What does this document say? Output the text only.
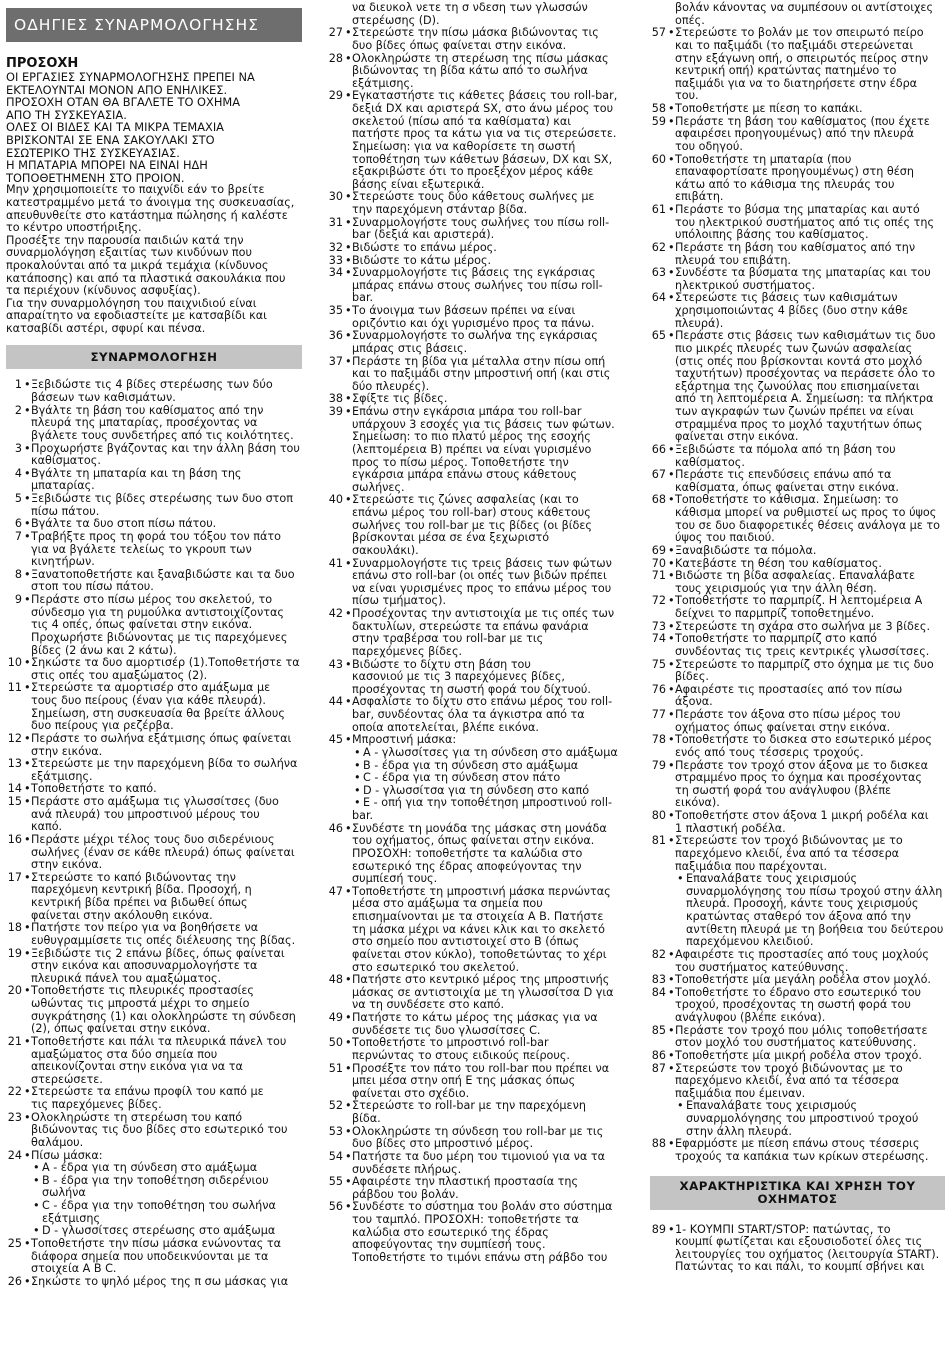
ΟΔΗΓΙΕΣ ΣΥΝΑΡΜΟΛΟΓΗΣΗΣ
ΠΡΟΣΟΧΗ
ΟΙ ΕΡΓΑΣΙΕΣ ΣΥΝΑΡΜΟΛΟΓΗΣΗΣ ΠΡΕΠΕΙ ΝΑ
ΕΚΤΕΛΟΥΝΤΑΙ ΜΟΝΟΝ ΑΠΟ ΕΝΗΛΙΚΕΣ.
ΠΡΟΣΟΧΗ ΟΤΑΝ ΘΑ ΒΓΑΛΕΤΕ ΤΟ ΟΧΗΜΑ
ΑΠΟ ΤΗ ΣΥΣΚΕΥΑΣΙΑ.
ΟΛΕΣ ΟΙ ΒΙΔΕΣ ΚΑΙ ΤΑ ΜΙΚΡΑ ΤΕΜΑΧΙΑ
ΒΡΙΣΚΟΝΤΑΙ ΣΕ ΕΝΑ ΣΑΚΟΥΛΑΚΙ ΣΤΟ
ΕΣΩΤΕΡΙΚΟ ΤΗΣ ΣΥΣΚΕΥΑΣΙΑΣ.
Η ΜΠΑΤΑΡΙΑ ΜΠΟΡΕΙ ΝΑ ΕΙΝΑΙ ΗΔΗ
ΤΟΠΟΘΕΤΗΜΕΝΗ ΣΤΟ ΠΡΟΙΟΝ.
Μην χρησιμοποιείτε το παιχνίδι εάν το βρείτε
κατεστραμμένο μετά το άνοιγμα της συσκευασίας,
απευθυνθείτε στο κατάστημα πώλησης ή καλέστε
το κέντρο υποστήριξης.
Προσέξτε την παρουσία παιδιών κατά την
συναρμολόγηση εξαιτίας των κινδύνων που
προκαλούνται από τα μικρά τεμάχια (κίνδυνος
κατάποσης) και από τα πλαστικά σακουλάκια που
τα περιέχουν (κίνδυνος ασφυξίας).
Για την συναρμολόγηση του παιχνιδιού είναι
απαραίτητο να εφοδιαστείτε με κατσαβίδι και
κατσαβίδι αστέρι, σφυρί και πένσα.
ΣΥΝΑΡΜΟΛΟΓΗΣΗ
1 • Ξεβιδώστε τις 4 βίδες στερέωσης των δύο
βάσεων των καθισμάτων.
2 • Βγάλτε τη βάση του καθίσματος από την
πλευρά της μπαταρίας, προσέχοντας να
βγάλετε τους συνδετήρες από τις κοιλότητες.
3 • Προχωρήστε βγάζοντας και την άλλη βάση του
καθίσματος.
4 • Βγάλτε τη μπαταρία και τη βάση της
μπαταρίας.
5 • Ξεβιδώστε τις βίδες στερέωσης των δυο στοπ
πίσω πάτου.
6 • Βγάλτε τα δυο στοπ πίσω πάτου.
7 • Τραβήξτε προς τη φορά του τόξου τον πάτο
για να βγάλετε τελείως το γκρουπ των
κινητήρων.
8 • Ξανατοποθετήστε και ξαναβιδώστε και τα δυο
στοπ του πίσω πάτου.
9 • Περάστε στο πίσω μέρος του σκελετού, το
σύνδεσμο για τη ρυμούλκα αντιστοιχίζοντας
τις 4 οπές, όπως φαίνεται στην εικόνα.
Προχωρήστε βιδώνοντας με τις παρεχόμενες
βίδες (2 άνω και 2 κάτω).
10 • Σηκώστε τα δυο αμορτισέρ (1).Τοποθετήστε τα
στις οπές του αμαξώματος (2).
11 • Στερεώστε τα αμορτισέρ στο αμάξωμα με
τους δυο πείρους (έναν για κάθε πλευρά).
Σημείωση, στη συσκευασία θα βρείτε άλλους
δυο πείρους για ρεζέρβα.
12 • Περάστε το σωλήνα εξάτμισης όπως φαίνεται
στην εικόνα.
13 • Στερεώστε με την παρεχόμενη βίδα το σωλήνα
εξάτμισης.
14 • Τοποθετήστε το καπό.
15 • Περάστε στο αμάξωμα τις γλωσσίτσες (δυο
ανά πλευρά) του μπροστινού μέρους του
καπό.
16 • Περάστε μέχρι τέλος τους δυο σιδερένιους
σωλήνες (έναν σε κάθε πλευρά) όπως φαίνεται
στην εικόνα.
17 • Στερεώστε το καπό βιδώνοντας την
παρεχόμενη κεντρική βίδα. Προσοχή, η
κεντρική βίδα πρέπει να βιδωθεί όπως
φαίνεται στην ακόλουθη εικόνα.
18 • Πατήστε τον πείρο για να βοηθήσετε να
ευθυγραμμίσετε τις οπές διέλευσης της βίδας.
19 • Ξεβιδώστε τις 2 επάνω βίδες, όπως φαίνεται
στην εικόνα και αποσυναρμολογήστε τα
πλευρικά πάνελ του αμαξώματος.
20 • Τοποθετήστε τις πλευρικές προστασίες
ωθώντας τις μπροστά μέχρι το σημείο
συγκράτησης (1) και ολοκληρώστε τη σύνδεση
(2), όπως φαίνεται στην εικόνα.
21 • Τοποθετήστε και πάλι τα πλευρικά πάνελ του
αμαξώματος στα δύο σημεία που
απεικονίζονται στην εικόνα για να τα
στερεώσετε.
22 • Στερεώστε τα επάνω προφίλ του καπό με
τις παρεχόμενες βίδες.
23 • Ολοκληρώστε τη στερέωση του καπό
βιδώνοντας τις δυο βίδες στο εσωτερικό του
θαλάμου.
24 • Πίσω μάσκα:
• A - έδρα για τη σύνδεση στο αμάξωμα
• B - έδρα για την τοποθέτηση σιδερένιου
σωλήνα
• C - έδρα για την τοποθέτηση του σωλήνα
εξάτμισης
• D - γλωσσίτσες στερέωσης στο αμάξωμα
25 • Τοποθετήστε την πίσω μάσκα ενώνοντας τα
διάφορα σημεία που υποδεικνύονται με τα
στοιχεία A B C.
26 • Σηκώστε το ψηλό μέρος της π σω μάσκας για
να διευκολ νετε τη σ νδεση των γλωσσών
στερέωσης (D).
27 • Στερεώστε την πίσω μάσκα βιδώνοντας τις
δυο βίδες όπως φαίνεται στην εικόνα.
28 • Ολοκληρώστε τη στερέωση της πίσω μάσκας
βιδώνοντας τη βίδα κάτω από το σωλήνα
εξάτμισης.
29 • Εγκαταστήστε τις κάθετες βάσεις του roll-bar,
δεξιά DX και αριστερά SX, στο άνω μέρος του
σκελετού (πίσω από τα καθίσματα) και
πατήστε προς τα κάτω για να τις στερεώσετε.
Σημείωση: για να καθορίσετε τη σωστή
τοποθέτηση των κάθετων βάσεων, DX και SX,
εξακριβώστε ότι το προεξέχον μέρος κάθε
βάσης είναι εξωτερικά.
30 • Στερεώστε τους δύο κάθετους σωλήνες με
την παρεχόμενη στάνταρ βίδα.
31 • Συναρμολογήστε τους σωλήνες του πίσω roll-
bar (δεξιά και αριστερά).
32 • Βιδώστε το επάνω μέρος.
33 • Βιδώστε το κάτω μέρος.
34 • Συναρμολογήστε τις βάσεις της εγκάρσιας
μπάρας επάνω στους σωλήνες του πίσω roll-
bar.
35 • Το άνοιγμα των βάσεων πρέπει να είναι
οριζόντιο και όχι γυρισμένο προς τα πάνω.
36 • Συναρμολογήστε το σωλήνα της εγκάρσιας
μπάρας στις βάσεις.
37 • Περάστε τη βίδα για μέταλλα στην πίσω οπή
και το παξιμάδι στην μπροστινή οπή (και στις
δύο πλευρές).
38 • Σφίξτε τις βίδες.
39 • Επάνω στην εγκάρσια μπάρα του roll-bar
υπάρχουν 3 εσοχές για τις βάσεις των φώτων.
Σημείωση: το πιο πλατύ μέρος της εσοχής
(λεπτομέρεια B) πρέπει να είναι γυρισμένο
προς το πίσω μέρος. Τοποθετήστε την
εγκάρσια μπάρα επάνω στους κάθετους
σωλήνες.
40 • Στερεώστε τις ζώνες ασφαλείας (και το
επάνω μέρος του roll-bar) στους κάθετους
σωλήνες του roll-bar με τις βίδες (οι βίδες
βρίσκονται μέσα σε ένα ξεχωριστό
σακουλάκι).
41 • Συναρμολογήστε τις τρεις βάσεις των φώτων
επάνω στο roll-bar (οι οπές των βιδών πρέπει
να είναι γυρισμένες προς το επάνω μέρος του
πίσω τμήματος).
42 • Προσέχοντας την αντιστοιχία με τις οπές των
δακτυλίων, στερεώστε τα επάνω φανάρια
στην τραβέρσα του roll-bar με τις
παρεχόμενες βίδες.
43 • Βιδώστε το δίχτυ στη βάση του
κασονιού με τις 3 παρεχόμενες βίδες,
προσέχοντας τη σωστή φορά του δίχτυού.
44 • Ασφαλίστε το δίχτυ στο επάνω μέρος του roll-
bar, συνδέοντας όλα τα άγκιστρα από τα
οποία αποτελείται, βλέπε εικόνα.
45 • Μπροστινή μάσκα:
• A - γλωσσίτσες για τη σύνδεση στο αμάξωμα
• B - έδρα για τη σύνδεση στο αμάξωμα
• C - έδρα για τη σύνδεση στον πάτο
• D - γλωσσίτσα για τη σύνδεση στο καπό
• E - οπή για την τοποθέτηση μπροστινού roll-
bar.
46 • Συνδέστε τη μονάδα της μάσκας στη μονάδα
του οχήματος, όπως φαίνεται στην εικόνα.
ΠΡΟΣΟΧΗ: τοποθετήστε τα καλώδια στο
εσωτερικό της έδρας αποφεύγοντας την
συμπίεσή τους.
47 • Τοποθετήστε τη μπροστινή μάσκα περνώντας
μέσα στο αμάξωμα τα σημεία που
επισημαίνονται με τα στοιχεία A B. Πατήστε
τη μάσκα μέχρι να κάνει κλικ και το σκελετό
στο σημείο που αντιστοιχεί στο B (όπως
φαίνεται στον κύκλο), τοποθετώντας το χέρι
στο εσωτερικό του σκελετού.
48 • Πατήστε στο κεντρικό μέρος της μπροστινής
μάσκας σε αντιστοιχία με τη γλωσσίτσα D για
να τη συνδέσετε στο καπό.
49 • Πατήστε το κάτω μέρος της μάσκας για να
συνδέσετε τις δυο γλωσσίτσες C.
50 • Τοποθετήστε το μπροστινό roll-bar
περνώντας το στους ειδικούς πείρους.
51 • Προσέξτε τον πάτο του roll-bar που πρέπει να
μπει μέσα στην οπή E της μάσκας όπως
φαίνεται στο σχέδιο.
52 • Στερεώστε το roll-bar με την παρεχόμενη
βίδα.
53 • Ολοκληρώστε τη σύνδεση του roll-bar με τις
δυο βίδες στο μπροστινό μέρος.
54 • Πατήστε τα δυο μέρη του τιμονιού για να τα
συνδέσετε πλήρως.
55 • Αφαιρέστε την πλαστική προστασία της
ράβδου του βολάν.
56 • Συνδέστε το σύστημα του βολάν στο σύστημα
του ταμπλό. ΠΡΟΣΟΧΗ: τοποθετήστε τα
καλώδια στο εσωτερικό της έδρας
αποφεύγοντας την συμπίεσή τους.
Τοποθετήστε το τιμόνι επάνω στη ράβδο του
βολάν κάνοντας να συμπέσουν οι αντίστοιχες
οπές.
57 • Στερεώστε το βολάν με τον σπειρωτό πείρο
και το παξιμάδι (το παξιμάδι στερεώνεται
στην εξάγωνη οπή, ο σπειρωτός πείρος στην
κεντρική οπή) κρατώντας πατημένο το
παξιμάδι για να το διατηρήσετε στην έδρα
του.
58 • Τοποθετήστε με πίεση το καπάκι.
59 • Περάστε τη βάση του καθίσματος (που έχετε
αφαιρέσει προηγουμένως) από την πλευρά
του οδηγού.
60 • Τοποθετήστε τη μπαταρία (που
επαναφορτίσατε προηγουμένως) στη θέση
κάτω από το κάθισμα της πλευράς του
επιβάτη.
61 • Περάστε το βύσμα της μπαταρίας και αυτό
του ηλεκτρικού συστήματος από τις οπές της
υπόλοιπης βάσης του καθίσματος.
62 • Περάστε τη βάση του καθίσματος από την
πλευρά του επιβάτη.
63 • Συνδέστε τα βύσματα της μπαταρίας και του
ηλεκτρικού συστήματος.
64 • Στερεώστε τις βάσεις των καθισμάτων
χρησιμοποιώντας 4 βίδες (δυο στην κάθε
πλευρά).
65 • Περάστε στις βάσεις των καθισμάτων τις δυο
πιο μικρές πλευρές των ζωνών ασφαλείας
(στις οπές που βρίσκονται κοντά στο μοχλό
ταχυτήτων) προσέχοντας να περάσετε όλο το
εξάρτημα της ζωνούλας που επισημαίνεται
από τη λεπτομέρεια A. Σημείωση: τα πλήκτρα
των αγκραφών των ζωνών πρέπει να είναι
στραμμένα προς το μοχλό ταχυτήτων όπως
φαίνεται στην εικόνα.
66 • Ξεβιδώστε τα πόμολα από τη βάση του
καθίσματος.
67 • Περάστε τις επενδύσεις επάνω από τα
καθίσματα, όπως φαίνεται στην εικόνα.
68 • Τοποθετήστε το κάθισμα. Σημείωση: το
κάθισμα μπορεί να ρυθμιστεί ως προς το ύψος
του σε δυο διαφορετικές θέσεις ανάλογα με το
ύψος του παιδιού.
69 • Ξαναβιδώστε τα πόμολα.
70 • Κατεβάστε τη θέση του καθίσματος.
71 • Βιδώστε τη βίδα ασφαλείας. Επαναλάβατε
τους χειρισμούς για την άλλη θέση.
72 • Τοποθετήστε το παρμπρίζ. Η λεπτομέρεια A
δείχνει το παρμπρίζ τοποθετημένο.
73 • Στερεώστε τη σχάρα στο σωλήνα με 3 βίδες.
74 • Τοποθετήστε το παρμπρίζ στο καπό
συνδέοντας τις τρεις κεντρικές γλωσσίτσες.
75 • Στερεώστε το παρμπρίζ στο όχημα με τις δυο
βίδες.
76 • Αφαιρέστε τις προστασίες από τον πίσω
άξονα.
77 • Περάστε τον άξονα στο πίσω μέρος του
οχήματος όπως φαίνεται στην εικόνα.
78 • Τοποθετήστε το δισκεα στο εσωτερικό μέρος
ενός από τους τέσσερις τροχούς.
79 • Περάστε τον τροχό στον άξονα με το δισκεα
στραμμένο προς το όχημα και προσέχοντας
τη σωστή φορά του ανάγλυφου (βλέπε
εικόνα).
80 • Τοποθετήστε στον άξονα 1 μικρή ροδέλα και
1 πλαστική ροδέλα.
81 • Στερεώστε τον τροχό βιδώνοντας με το
παρεχόμενο κλειδί, ένα από τα τέσσερα
παξιμάδια που παρέχονται.
• Επαναλάβατε τους χειρισμούς
συναρμολόγησης του πίσω τροχού στην άλλη
πλευρά. Προσοχή, κάντε τους χειρισμούς
κρατώντας σταθερό τον άξονα από την
αντίθετη πλευρά με τη βοήθεια του δεύτερου
παρεχόμενου κλειδιού.
82 • Αφαιρέστε τις προστασίες από τους μοχλούς
του συστήματος κατεύθυνσης.
83 • Τοποθετήστε μία μεγάλη ροδέλα στον μοχλό.
84 • Τοποθετήστε το έδρανο στο εσωτερικό του
τροχού, προσέχοντας τη σωστή φορά του
ανάγλυφου (βλέπε εικόνα).
85 • Περάστε τον τροχό που μόλις τοποθετήσατε
στον μοχλό του συστήματος κατεύθυνσης.
86 • Τοποθετήστε μία μικρή ροδέλα στον τροχό.
87 • Στερεώστε τον τροχό βιδώνοντας με το
παρεχόμενο κλειδί, ένα από τα τέσσερα
παξιμάδια που έμειναν.
• Επαναλάβατε τους χειρισμούς
συναρμολόγησης του μπροστινού τροχού
στην άλλη πλευρά.
88 • Εφαρμόστε με πίεση επάνω στους τέσσερις
τροχούς τα καπάκια των κρίκων στερέωσης.
ΧΑΡΑΚΤΗΡΙΣΤΙΚΑ ΚΑΙ ΧΡΗΣΗ ΤΟΥ
ΟΧΗΜΑΤΟΣ
89 • 1- ΚΟΥΜΠΙ START/STOP: πατώντας, το
κουμπί φωτίζεται και εξουσιοδοτεί όλες τις
λειτουργίες του οχήματος (λειτουργία START).
Πατώντας το και πάλι, το κουμπί σβήνει και
